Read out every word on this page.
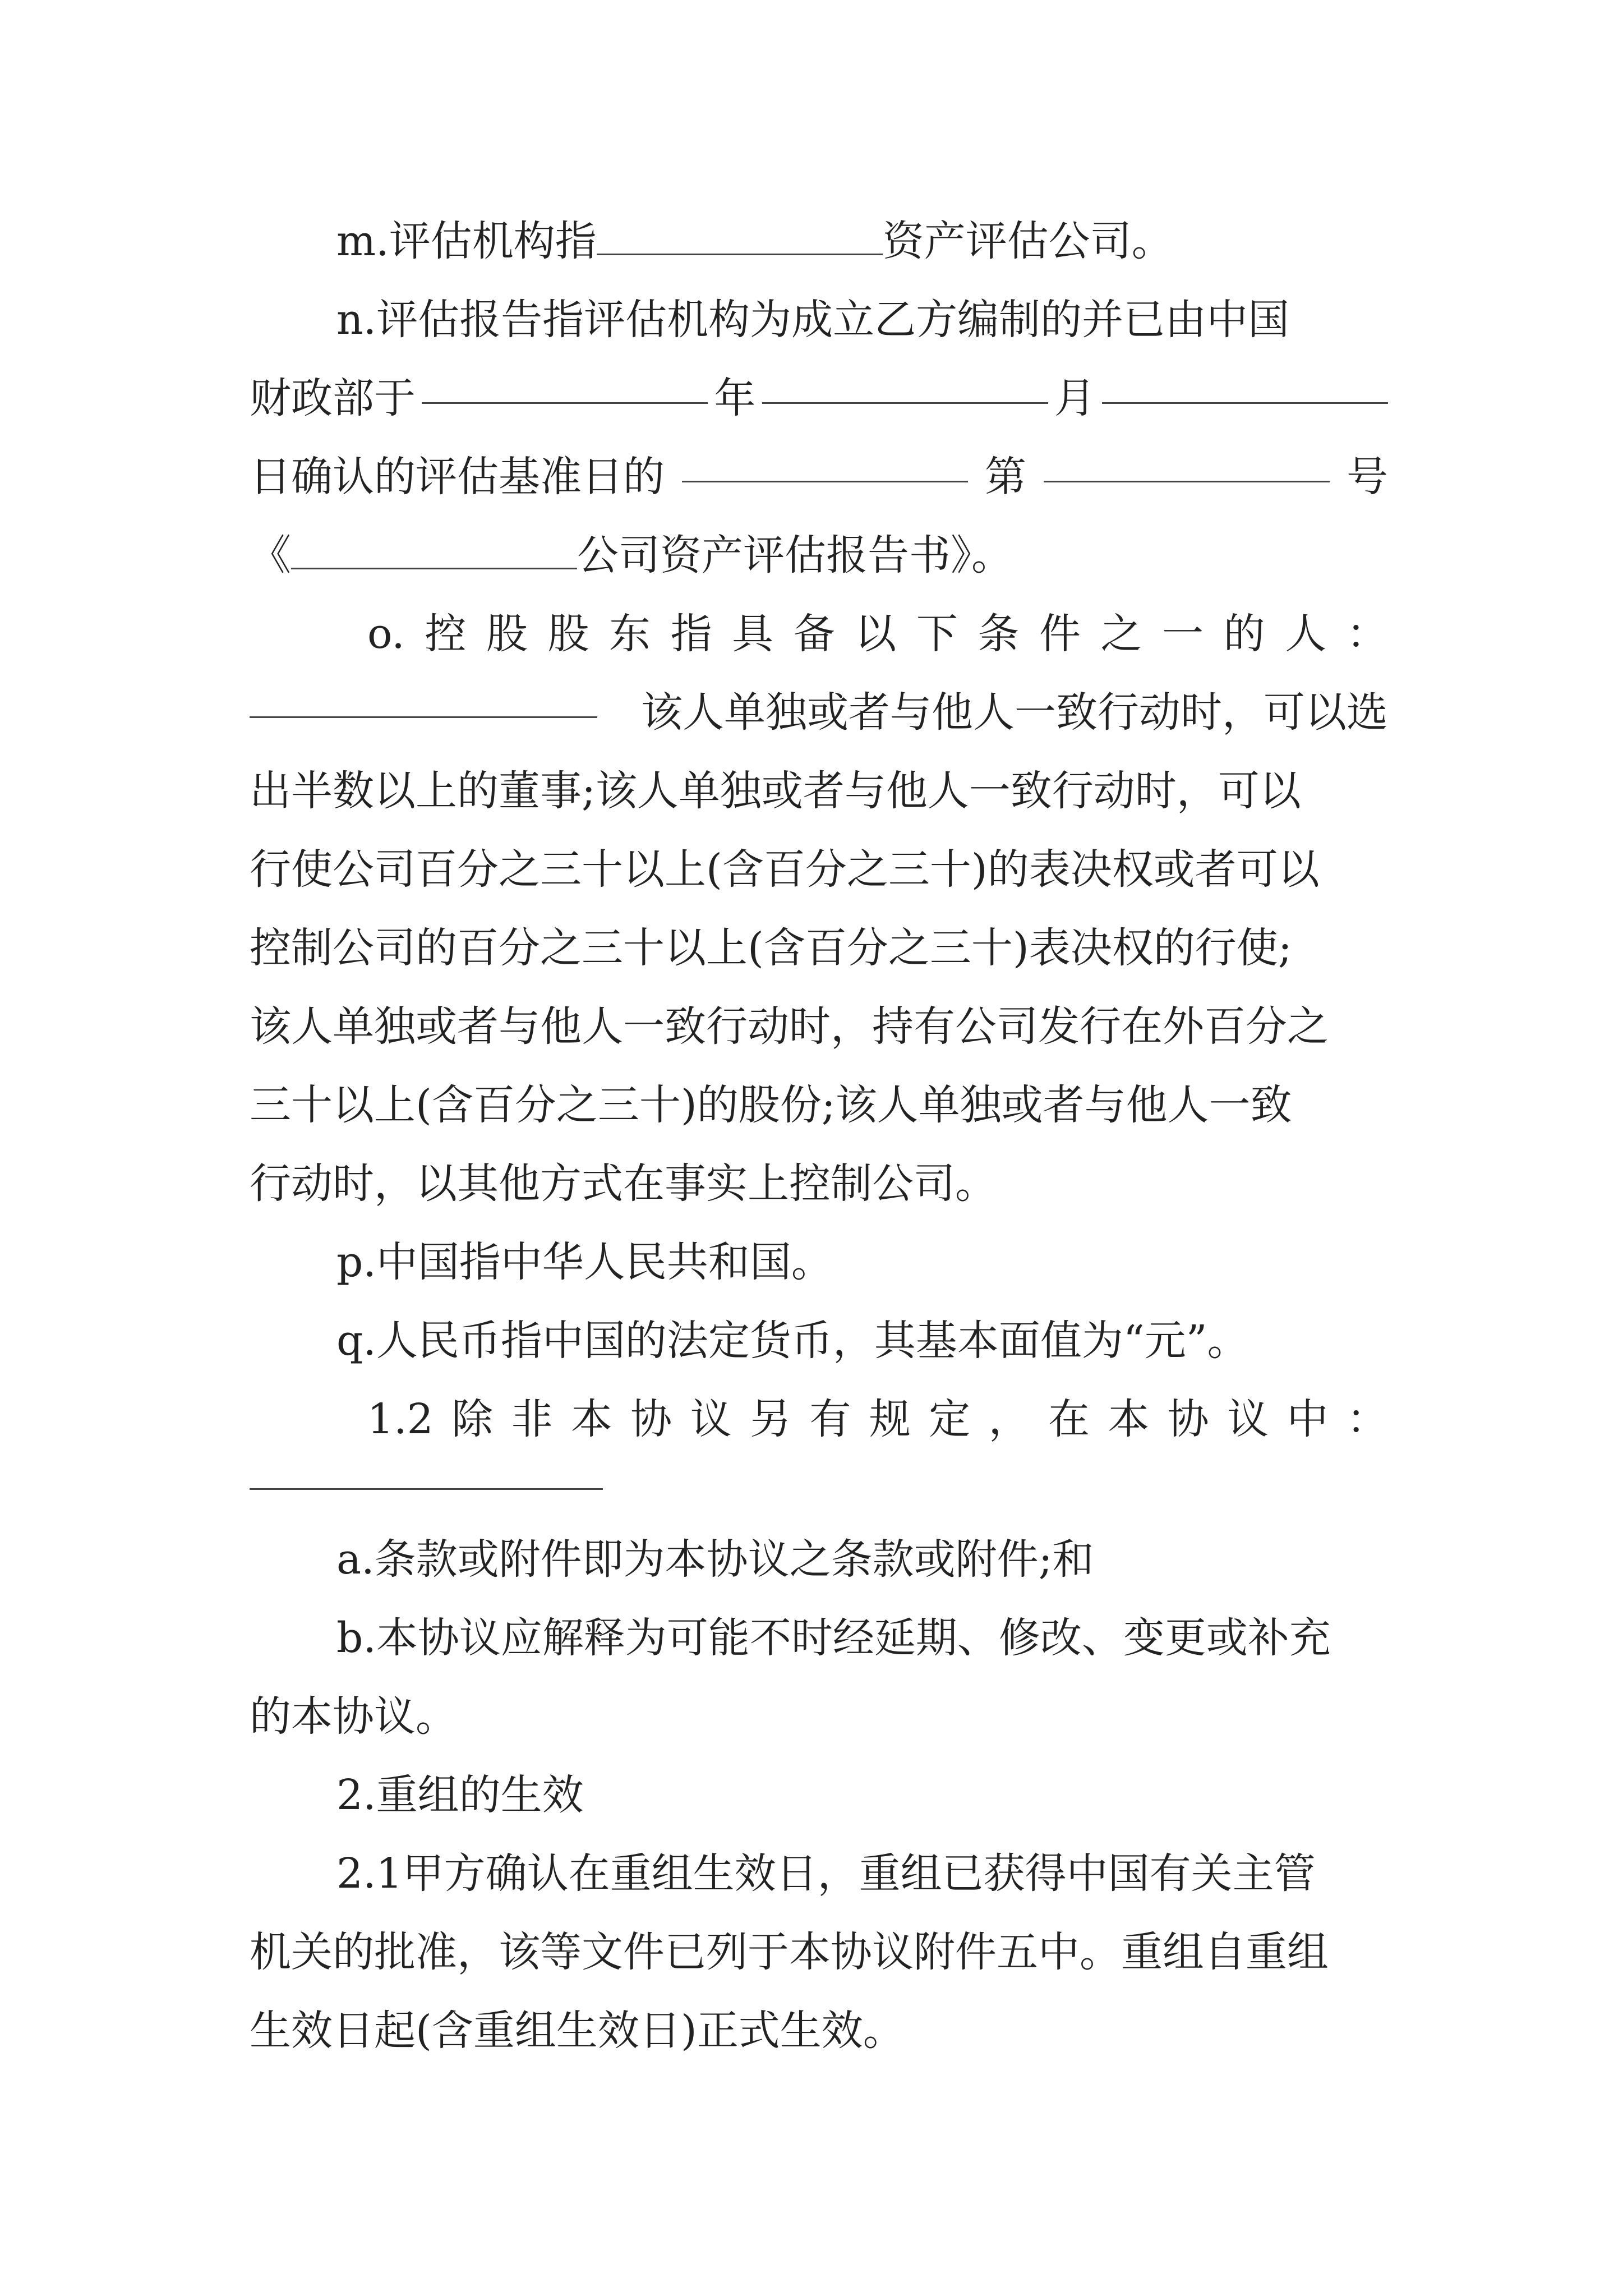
m.评估机构指	资产评估公司。
n.评估报告指评估机构为成立乙方编制的并已由中国
财政部于	年	月
日确认的评估基准日的	第	号
《	公司资产评估报告书》。
o. 控 股 股 东 指 具 备 以 下 条 件 之 一 的 人 ：
该人单独或者与他人一致行动时，可以选
出半数以上的董事;该人单独或者与他人一致行动时，可以
行使公司百分之三十以上(含百分之三十)的表决权或者可以
控制公司的百分之三十以上(含百分之三十)表决权的行使;
该人单独或者与他人一致行动时，持有公司发行在外百分之
三十以上(含百分之三十)的股份;该人单独或者与他人一致
行动时，以其他方式在事实上控制公司。
p.中国指中华人民共和国。
q.人民币指中国的法定货币，其基本面值为“元”。
1.2 除 非 本 协 议 另 有 规 定 ， 在 本 协 议 中 ：
a.条款或附件即为本协议之条款或附件;和
b.本协议应解释为可能不时经延期、修改、变更或补充
的本协议。
2.重组的生效
2.1甲方确认在重组生效日，重组已获得中国有关主管
机关的批准，该等文件已列于本协议附件五中。重组自重组
生效日起(含重组生效日)正式生效。
